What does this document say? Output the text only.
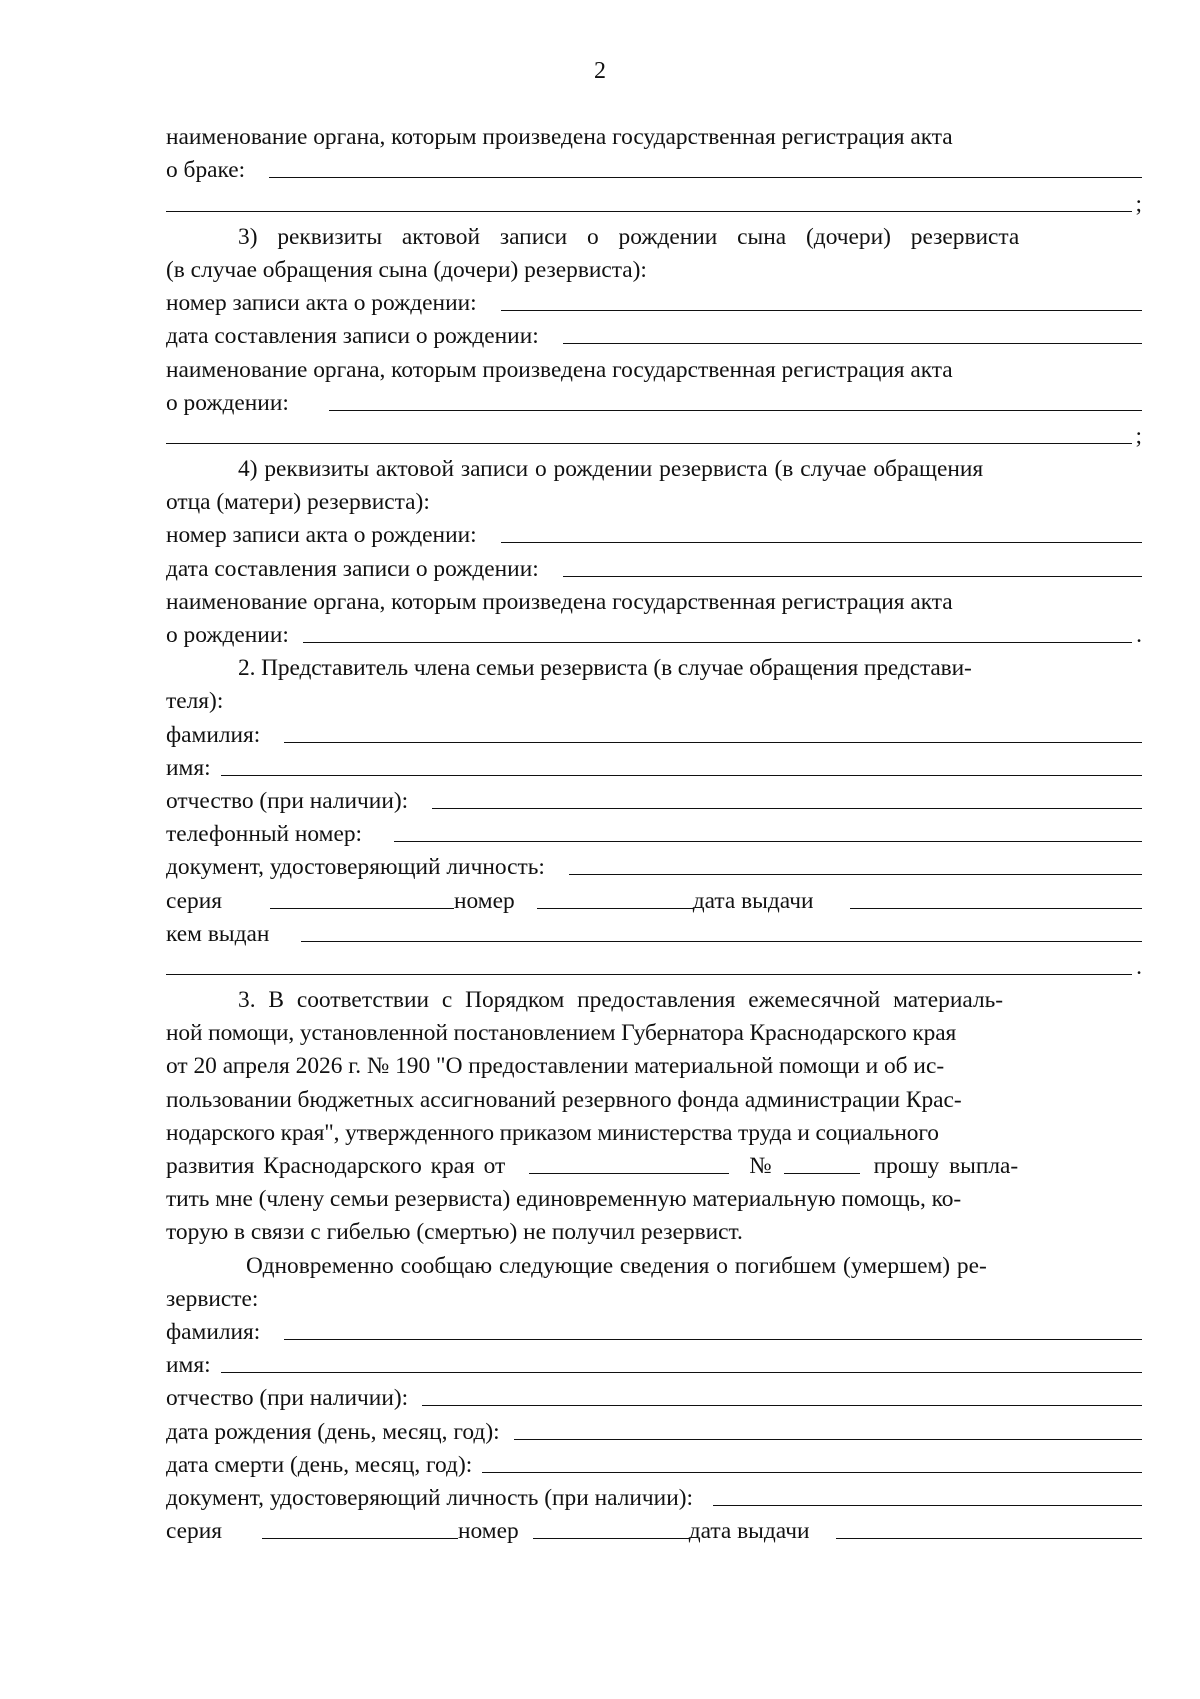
2
наименование органа, которым произведена государственная регистрация акта
о браке:
;
3) реквизиты актовой записи о рождении сына (дочери) резервиста
(в случае обращения сына (дочери) резервиста):
номер записи акта о рождении:
дата составления записи о рождении:
наименование органа, которым произведена государственная регистрация акта
о рождении:
;
4) реквизиты актовой записи о рождении резервиста (в случае обращения
отца (матери) резервиста):
номер записи акта о рождении:
дата составления записи о рождении:
наименование органа, которым произведена государственная регистрация акта
о рождении:	.
2. Представитель члена семьи резервиста (в случае обращения представи-
теля):
фамилия:
имя:
отчество (при наличии):
телефонный номер:
документ, удостоверяющий личность:
серия	номер	дата выдачи
кем выдан
.
3. В соответствии с Порядком предоставления ежемесячной материаль-
ной помощи, установленной постановлением Губернатора Краснодарского края
от 20 апреля 2026 г. № 190 "О предоставлении материальной помощи и об ис-
пользовании бюджетных ассигнований резервного фонда администрации Крас-
нодарского края", утвержденного приказом министерства труда и социального
развития Краснодарского края от	№	прошу выпла-
тить мне (члену семьи резервиста) единовременную материальную помощь, ко-
торую в связи с гибелью (смертью) не получил резервист.
Одновременно сообщаю следующие сведения о погибшем (умершем) ре-
зервисте:
фамилия:
имя:
отчество (при наличии):
дата рождения (день, месяц, год):
дата смерти (день, месяц, год):
документ, удостоверяющий личность (при наличии):
серия	номер	дата выдачи
